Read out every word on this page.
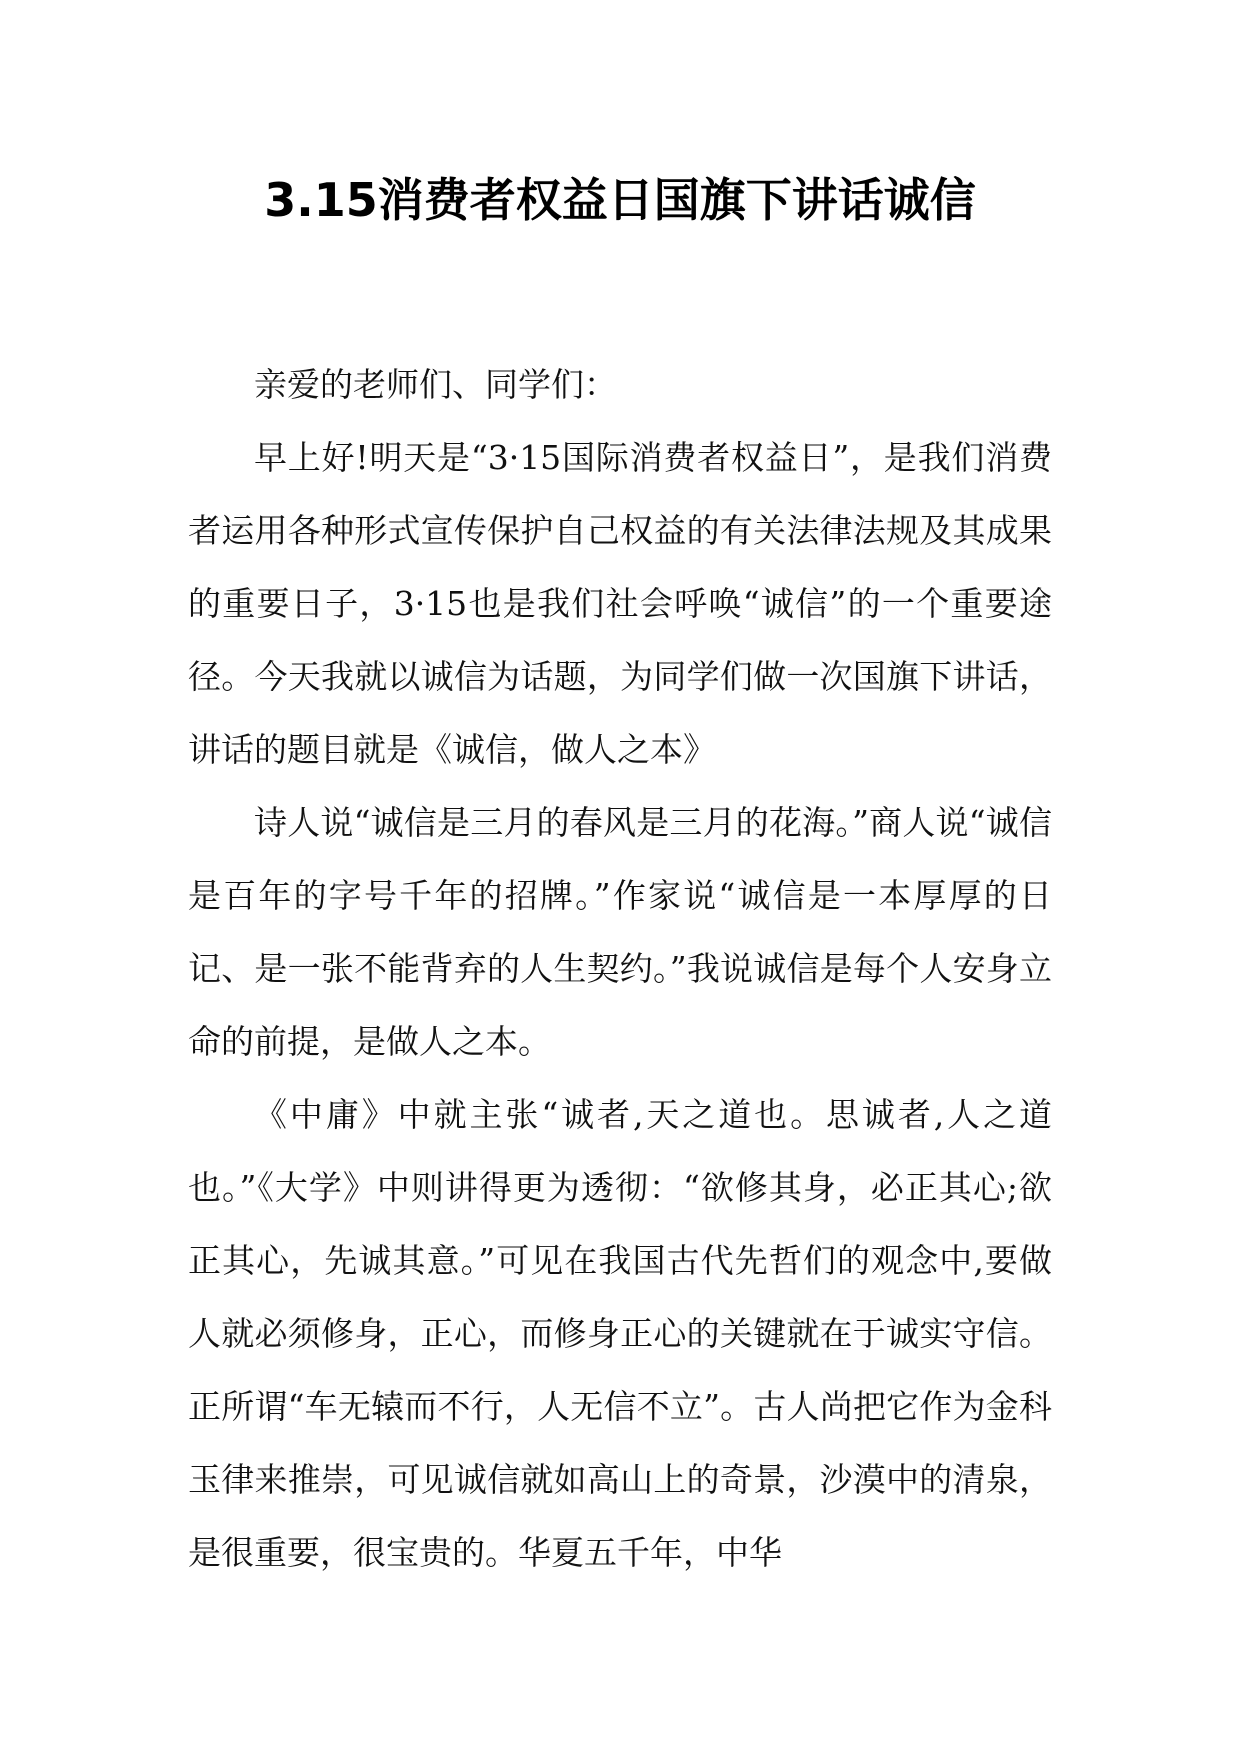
3.15消费者权益日国旗下讲话诚信

亲爱的老师们、同学们：

早上好!明天是“3·15国际消费者权益日”，是我们消费者运用各种形式宣传保护自己权益的有关法律法规及其成果的重要日子，3·15也是我们社会呼唤“诚信”的一个重要途径。今天我就以诚信为话题，为同学们做一次国旗下讲话，讲话的题目就是《诚信，做人之本》

诗人说“诚信是三月的春风是三月的花海。”商人说“诚信是百年的字号千年的招牌。”作家说“诚信是一本厚厚的日记、是一张不能背弃的人生契约。”我说诚信是每个人安身立命的前提，是做人之本。

《中庸》中就主张“诚者,天之道也。思诚者,人之道也。”《大学》中则讲得更为透彻：“欲修其身，必正其心;欲正其心，先诚其意。”可见在我国古代先哲们的观念中,要做人就必须修身，正心，而修身正心的关键就在于诚实守信。正所谓“车无辕而不行，人无信不立”。古人尚把它作为金科玉律来推崇，可见诚信就如高山上的奇景，沙漠中的清泉，是很重要，很宝贵的。华夏五千年，中华
